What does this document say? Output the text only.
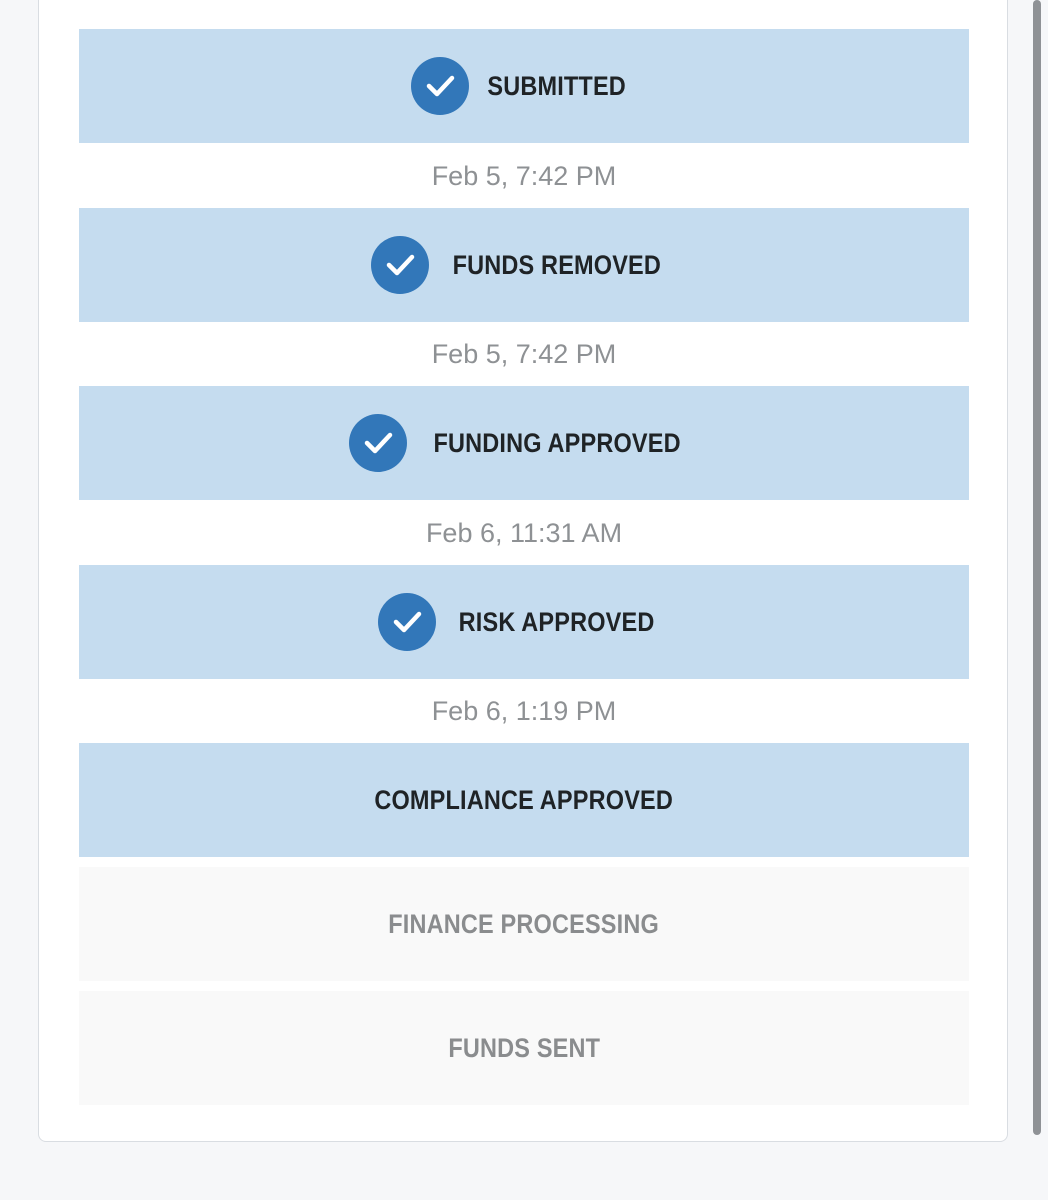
SUBMITTED
Feb 5, 7:42 PM
FUNDS REMOVED
Feb 5, 7:42 PM
FUNDING APPROVED
Feb 6, 11:31 AM
RISK APPROVED
Feb 6, 1:19 PM
COMPLIANCE APPROVED
FINANCE PROCESSING
FUNDS SENT
